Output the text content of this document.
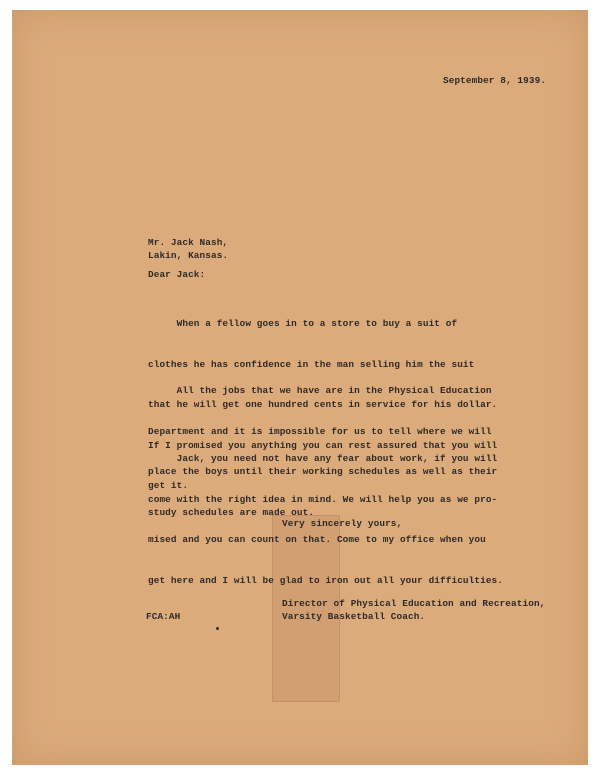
September 8, 1939.
Mr. Jack Nash,
Lakin, Kansas.
Dear Jack:

When a fellow goes in to a store to buy a suit of

clothes he has confidence in the man selling him the suit

that he will get one hundred cents in service for his dollar.

If I promised you anything you can rest assured that you will

get it.

All the jobs that we have are in the Physical Education

Department and it is impossible for us to tell where we will

place the boys until their working schedules as well as their

study schedules are made out.

Jack, you need not have any fear about work, if you will

come with the right idea in mind. We will help you as we pro-

mised and you can count on that. Come to my office when you

get here and I will be glad to iron out all your difficulties.

Very sincerely yours,
FCA:AH
Director of Physical Education and Recreation,
Varsity Basketball Coach.
